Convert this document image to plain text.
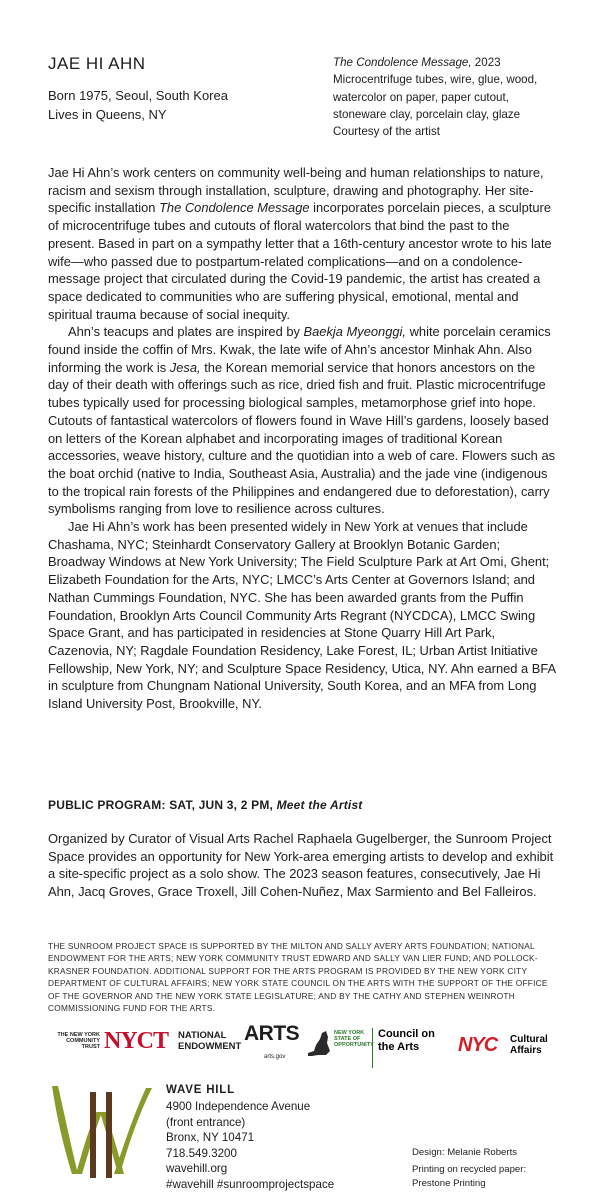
JAE HI AHN
Born 1975, Seoul, South Korea
Lives in Queens, NY
The Condolence Message, 2023
Microcentrifuge tubes, wire, glue, wood,
watercolor on paper, paper cutout,
stoneware clay, porcelain clay, glaze
Courtesy of the artist

Jae Hi Ahn’s work centers on community well-being and human relationships to nature, racism and sexism through installation, sculpture, drawing and photography. Her site-specific installation The Condolence Message incorporates porcelain pieces, a sculpture of microcentrifuge tubes and cutouts of floral watercolors that bind the past to the present. Based in part on a sympathy letter that a 16th-century ancestor wrote to his late wife—who passed due to postpartum-related complications—and on a condolence-message project that circulated during the Covid-19 pandemic, the artist has created a space dedicated to communities who are suffering physical, emotional, mental and spiritual trauma because of social inequity.

Ahn’s teacups and plates are inspired by Baekja Myeonggi, white porcelain ceramics found inside the coffin of Mrs. Kwak, the late wife of Ahn’s ancestor Minhak Ahn. Also informing the work is Jesa, the Korean memorial service that honors ancestors on the day of their death with offerings such as rice, dried fish and fruit. Plastic microcentrifuge tubes typically used for processing biological samples, metamorphose grief into hope. Cutouts of fantastical watercolors of flowers found in Wave Hill’s gardens, loosely based on letters of the Korean alphabet and incorporating images of traditional Korean accessories, weave history, culture and the quotidian into a web of care. Flowers such as the boat orchid (native to India, Southeast Asia, Australia) and the jade vine (indigenous to the tropical rain forests of the Philippines and endangered due to deforestation), carry symbolisms ranging from love to resilience across cultures.

Jae Hi Ahn’s work has been presented widely in New York at venues that include Chashama, NYC; Steinhardt Conservatory Gallery at Brooklyn Botanic Garden; Broadway Windows at New York University; The Field Sculpture Park at Art Omi, Ghent; Elizabeth Foundation for the Arts, NYC; LMCC’s Arts Center at Governors Island; and Nathan Cummings Foundation, NYC. She has been awarded grants from the Puffin Foundation, Brooklyn Arts Council Community Arts Regrant (NYCDCA), LMCC Swing Space Grant, and has participated in residencies at Stone Quarry Hill Art Park, Cazenovia, NY; Ragdale Foundation Residency, Lake Forest, IL; Urban Artist Initiative Fellowship, New York, NY; and Sculpture Space Residency, Utica, NY. Ahn earned a BFA in sculpture from Chungnam National University, South Korea, and an MFA from Long Island University Post, Brookville, NY.

PUBLIC PROGRAM: SAT, JUN 3, 2 PM, Meet the Artist
Organized by Curator of Visual Arts Rachel Raphaela Gugelberger, the Sunroom Project Space provides an opportunity for New York-area emerging artists to develop and exhibit a site-specific project as a solo show. The 2023 season features, consecutively, Jae Hi Ahn, Jacq Groves, Grace Troxell, Jill Cohen-Nuñez, Max Sarmiento and Bel Falleiros.
THE SUNROOM PROJECT SPACE IS SUPPORTED BY THE MILTON AND SALLY AVERY ARTS FOUNDATION; NATIONAL ENDOWMENT FOR THE ARTS; NEW YORK COMMUNITY TRUST EDWARD AND SALLY VAN LIER FUND; AND POLLOCK-KRASNER FOUNDATION. ADDITIONAL SUPPORT FOR THE ARTS PROGRAM IS PROVIDED BY THE NEW YORK CITY DEPARTMENT OF CULTURAL AFFAIRS; NEW YORK STATE COUNCIL ON THE ARTS WITH THE SUPPORT OF THE OFFICE OF THE GOVERNOR AND THE NEW YORK STATE LEGISLATURE; AND BY THE CATHY AND STEPHEN WEINROTH COMMISSIONING FUND FOR THE ARTS.
THE NEW YORK COMMUNITY TRUST NYCT NATIONAL
ENDOWMENT
ARTS
arts.gov
NEW YORK
STATE OF
OPPORTUNITY
Council on
the Arts	NYC Cultural
Affairs
WAVE HILL
4900 Independence Avenue
(front entrance)
Bronx, NY 10471
718.549.3200
wavehill.org
#wavehill #sunroomprojectspace
Design: Melanie Roberts
Printing on recycled paper:
Prestone Printing
